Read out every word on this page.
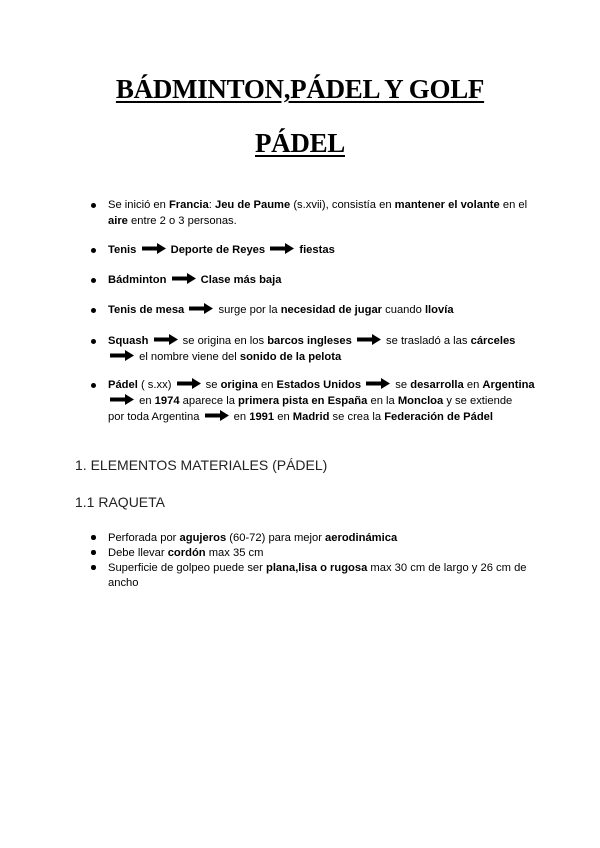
BÁDMINTON,PÁDEL Y GOLF
PÁDEL
Se inició en Francia: Jeu de Paume (s.xvii), consistía en mantener el volante en el
aire entre 2 o 3 personas.
Tenis	Deporte de Reyes	fiestas
Bádminton	Clase más baja
Tenis de mesa	surge por la necesidad de jugar cuando llovía
Squash	se origina en los barcos ingleses	se trasladó a las cárceles
el nombre viene del sonido de la pelota
Pádel ( s.xx)	se origina en Estados Unidos	se desarrolla en Argentina
en 1974 aparece la primera pista en España en la Moncloa y se extiende
por toda Argentina	en 1991 en Madrid se crea la Federación de Pádel
1. ELEMENTOS MATERIALES (PÁDEL)
1.1 RAQUETA
Perforada por agujeros (60-72) para mejor aerodinámica
Debe llevar cordón max 35 cm
Superficie de golpeo puede ser plana,lisa o rugosa max 30 cm de largo y 26 cm de
ancho
